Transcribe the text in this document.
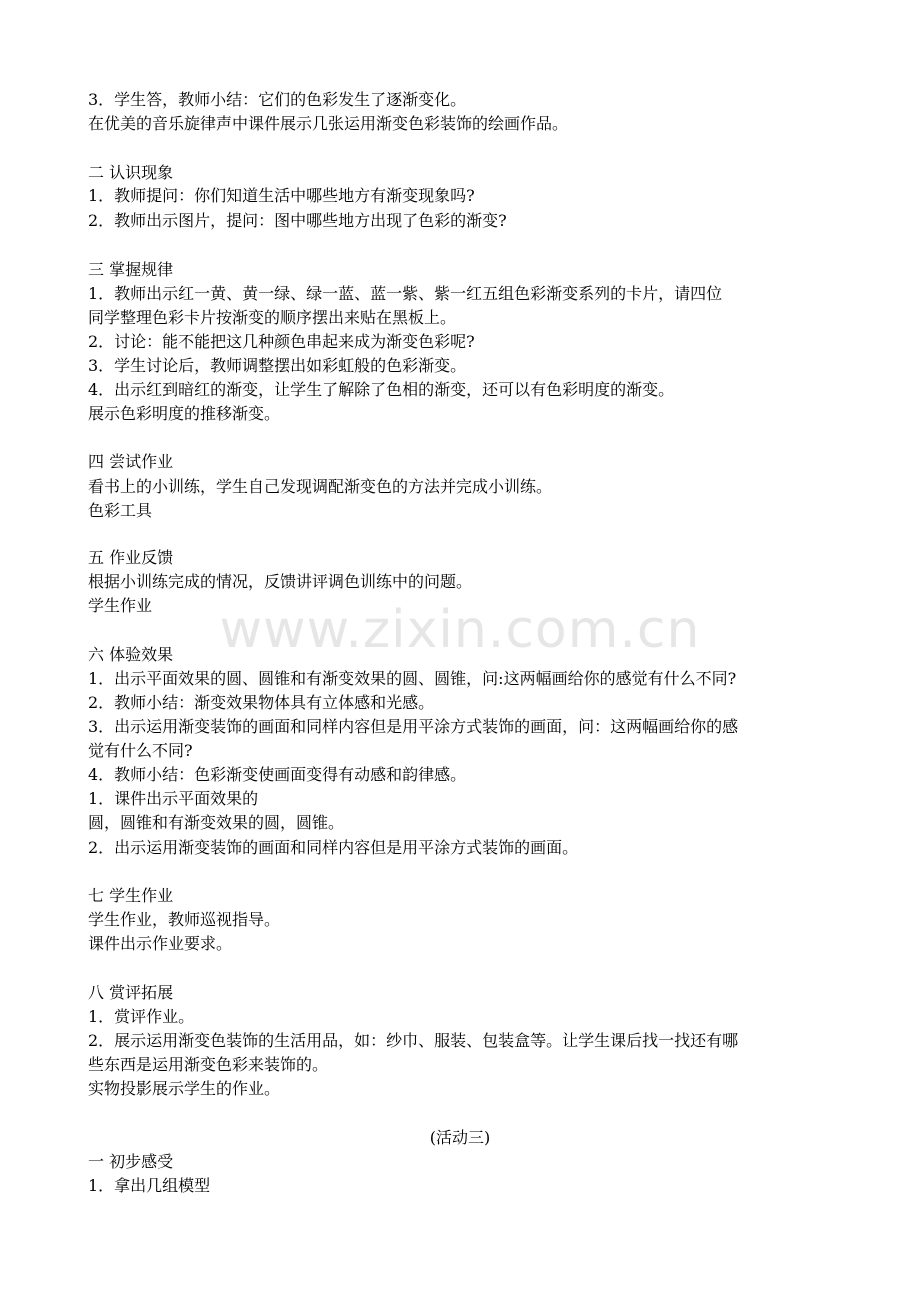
www.zixin.com.cn
3．学生答，教师小结：它们的色彩发生了逐渐变化。
在优美的音乐旋律声中课件展示几张运用渐变色彩装饰的绘画作品。
二 认识现象
1．教师提问：你们知道生活中哪些地方有渐变现象吗?
2．教师出示图片，提问：图中哪些地方出现了色彩的渐变?
三 掌握规律
1．教师出示红一黄、黄一绿、绿一蓝、蓝一紫、紫一红五组色彩渐变系列的卡片，请四位
同学整理色彩卡片按渐变的顺序摆出来贴在黑板上。
2．讨论：能不能把这几种颜色串起来成为渐变色彩呢?
3．学生讨论后，教师调整摆出如彩虹般的色彩渐变。
4．出示红到暗红的渐变，让学生了解除了色相的渐变，还可以有色彩明度的渐变。
展示色彩明度的推移渐变。
四 尝试作业
看书上的小训练，学生自己发现调配渐变色的方法并完成小训练。
色彩工具
五 作业反馈
根据小训练完成的情况，反馈讲评调色训练中的问题。
学生作业
六 体验效果
1．出示平面效果的圆、圆锥和有渐变效果的圆、圆锥，问:这两幅画给你的感觉有什么不同?
2．教师小结：渐变效果物体具有立体感和光感。
3．出示运用渐变装饰的画面和同样内容但是用平涂方式装饰的画面，问：这两幅画给你的感
觉有什么不同?
4．教师小结：色彩渐变使画面变得有动感和韵律感。
1．课件出示平面效果的
圆，圆锥和有渐变效果的圆，圆锥。
2．出示运用渐变装饰的画面和同样内容但是用平涂方式装饰的画面。
七 学生作业
学生作业，教师巡视指导。
课件出示作业要求。
八 赏评拓展
1．赏评作业。
2．展示运用渐变色装饰的生活用品，如：纱巾、服装、包装盒等。让学生课后找一找还有哪
些东西是运用渐变色彩来装饰的。
实物投影展示学生的作业。
(活动三)
一 初步感受
1．拿出几组模型
